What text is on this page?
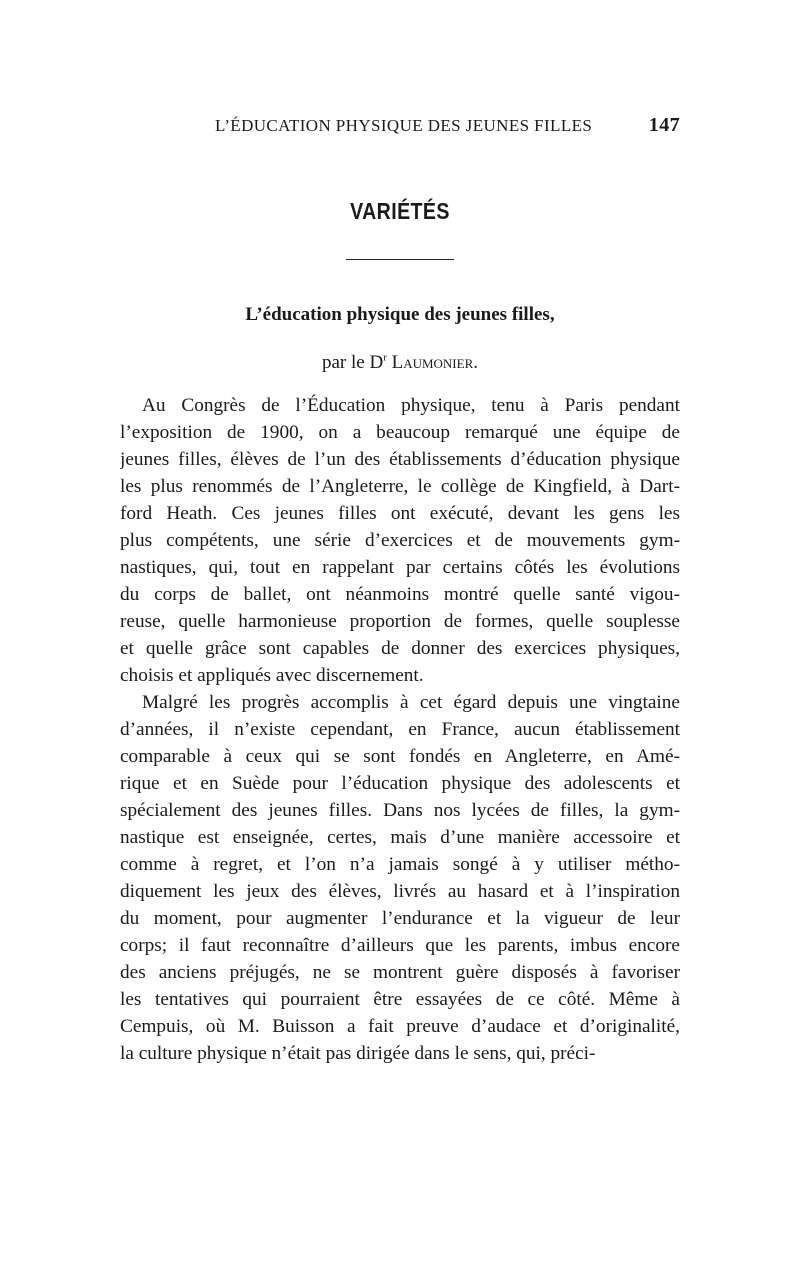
L’ÉDUCATION PHYSIQUE DES JEUNES FILLES	147
VARIÉTÉS
L’éducation physique des jeunes filles,
par le $D^r$ Laumonier.
Au Congrès de l’Éducation physique, tenu à Paris pendant
l’exposition de 1900, on a beaucoup remarqué une équipe de
jeunes filles, élèves de l’un des établissements d’éducation physique
les plus renommés de l’Angleterre, le collège de Kingfield, à Dart-
ford Heath. Ces jeunes filles ont exécuté, devant les gens les
plus compétents, une série d’exercices et de mouvements gym-
nastiques, qui, tout en rappelant par certains côtés les évolutions
du corps de ballet, ont néanmoins montré quelle santé vigou-
reuse, quelle harmonieuse proportion de formes, quelle souplesse
et quelle grâce sont capables de donner des exercices physiques,
choisis et appliqués avec discernement.
Malgré les progrès accomplis à cet égard depuis une vingtaine
d’années, il n’existe cependant, en France, aucun établissement
comparable à ceux qui se sont fondés en Angleterre, en Amé-
rique et en Suède pour l’éducation physique des adolescents et
spécialement des jeunes filles. Dans nos lycées de filles, la gym-
nastique est enseignée, certes, mais d’une manière accessoire et
comme à regret, et l’on n’a jamais songé à y utiliser métho-
diquement les jeux des élèves, livrés au hasard et à l’inspiration
du moment, pour augmenter l’endurance et la vigueur de leur
corps; il faut reconnaître d’ailleurs que les parents, imbus encore
des anciens préjugés, ne se montrent guère disposés à favoriser
les tentatives qui pourraient être essayées de ce côté. Même à
Cempuis, où M. Buisson a fait preuve d’audace et d’originalité,
la culture physique n’était pas dirigée dans le sens, qui, préci-
